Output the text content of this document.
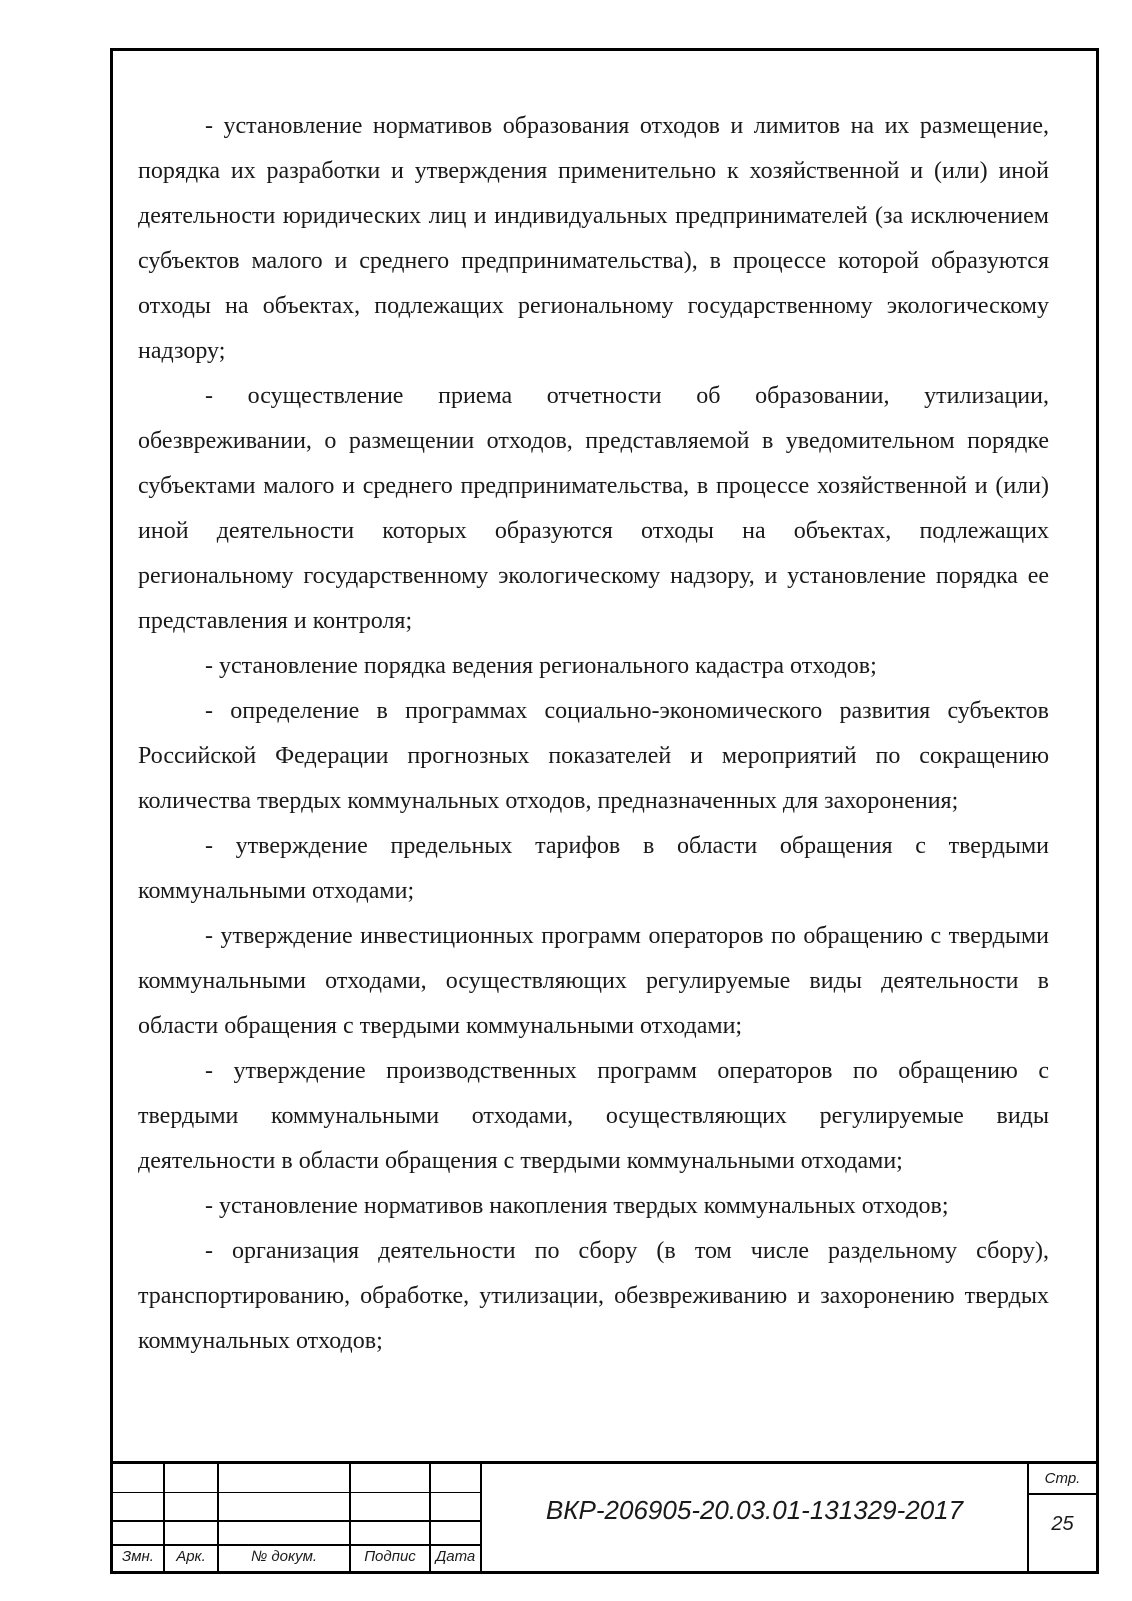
- установление нормативов образования отходов и лимитов на их размещение, порядка их разработки и утверждения применительно к хозяйственной и (или) иной деятельности юридических лиц и индивидуальных предпринимателей (за исключением субъектов малого и среднего предпринимательства), в процессе которой образуются отходы на объектах, подлежащих региональному государственному экологическому надзору;

- осуществление приема отчетности об образовании, утилизации, обезвреживании, о размещении отходов, представляемой в уведомительном порядке субъектами малого и среднего предпринимательства, в процессе хозяйственной и (или) иной деятельности которых образуются отходы на объектах, подлежащих региональному государственному экологическому надзору, и установление порядка ее представления и контроля;

- установление порядка ведения регионального кадастра отходов;

- определение в программах социально-экономического развития субъектов Российской Федерации прогнозных показателей и мероприятий по сокращению количества твердых коммунальных отходов, предназначенных для захоронения;

- утверждение предельных тарифов в области обращения с твердыми коммунальными отходами;

- утверждение инвестиционных программ операторов по обращению с твердыми коммунальными отходами, осуществляющих регулируемые виды деятельности в области обращения с твердыми коммунальными отходами;

- утверждение производственных программ операторов по обращению с твердыми коммунальными отходами, осуществляющих регулируемые виды деятельности в области обращения с твердыми коммунальными отходами;

- установление нормативов накопления твердых коммунальных отходов;

- организация деятельности по сбору (в том числе раздельному сбору), транспортированию, обработке, утилизации, обезвреживанию и захоронению твердых коммунальных отходов;

Змн.	Арк.	№ докум.	Подпис	Дата
ВКР-206905-20.03.01-131329-2017
Стр.
25
